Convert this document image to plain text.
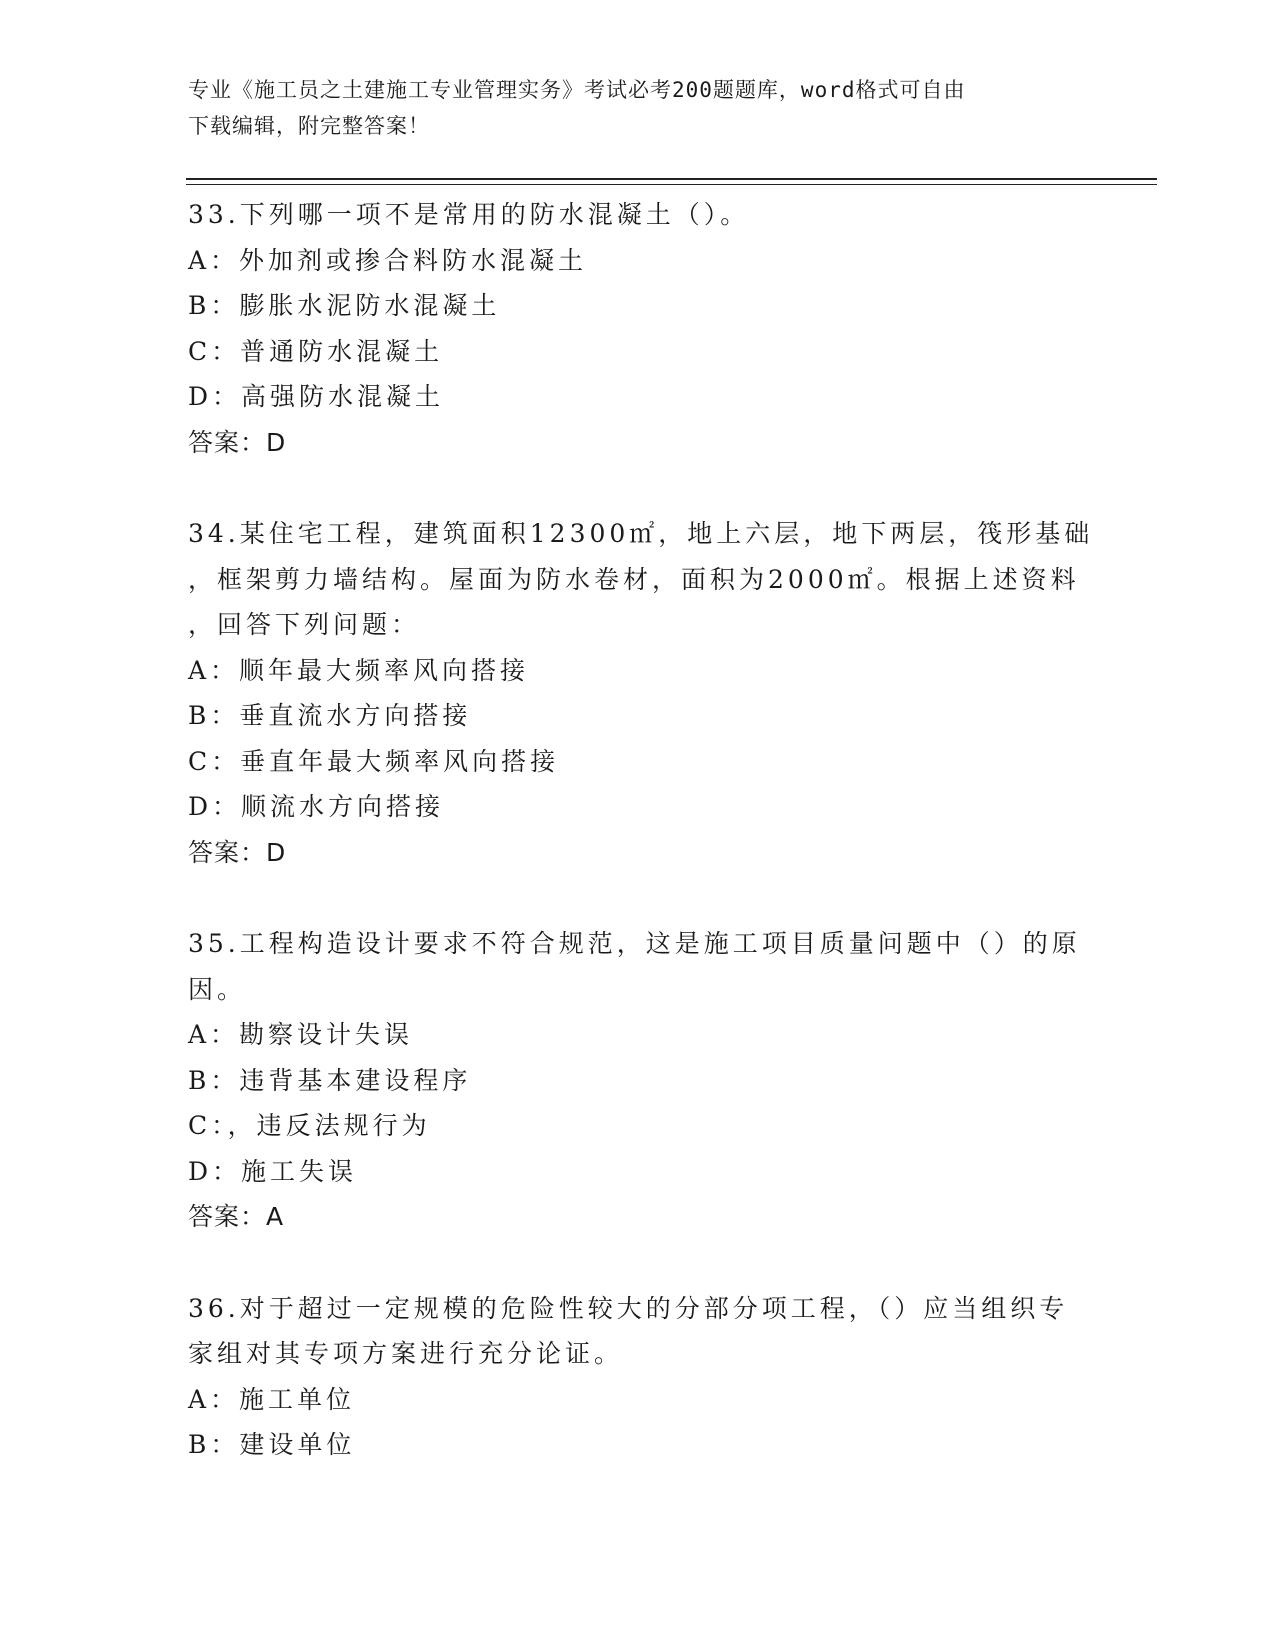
专业《施工员之土建施工专业管理实务》考试必考200题题库，word格式可自由
下载编辑，附完整答案！
33.下列哪一项不是常用的防水混凝土（）。
A：外加剂或掺合料防水混凝土
B：膨胀水泥防水混凝土
C：普通防水混凝土
D：高强防水混凝土
答案：D
34.某住宅工程，建筑面积12300㎡，地上六层，地下两层，筏形基础
，框架剪力墙结构。屋面为防水卷材，面积为2000㎡。根据上述资料
，回答下列问题：
A：顺年最大频率风向搭接
B：垂直流水方向搭接
C：垂直年最大频率风向搭接
D：顺流水方向搭接
答案：D
35.工程构造设计要求不符合规范，这是施工项目质量问题中（）的原
因。
A：勘察设计失误
B：违背基本建设程序
C：，违反法规行为
D：施工失误
答案：A
36.对于超过一定规模的危险性较大的分部分项工程，（）应当组织专
家组对其专项方案进行充分论证。
A：施工单位
B：建设单位
